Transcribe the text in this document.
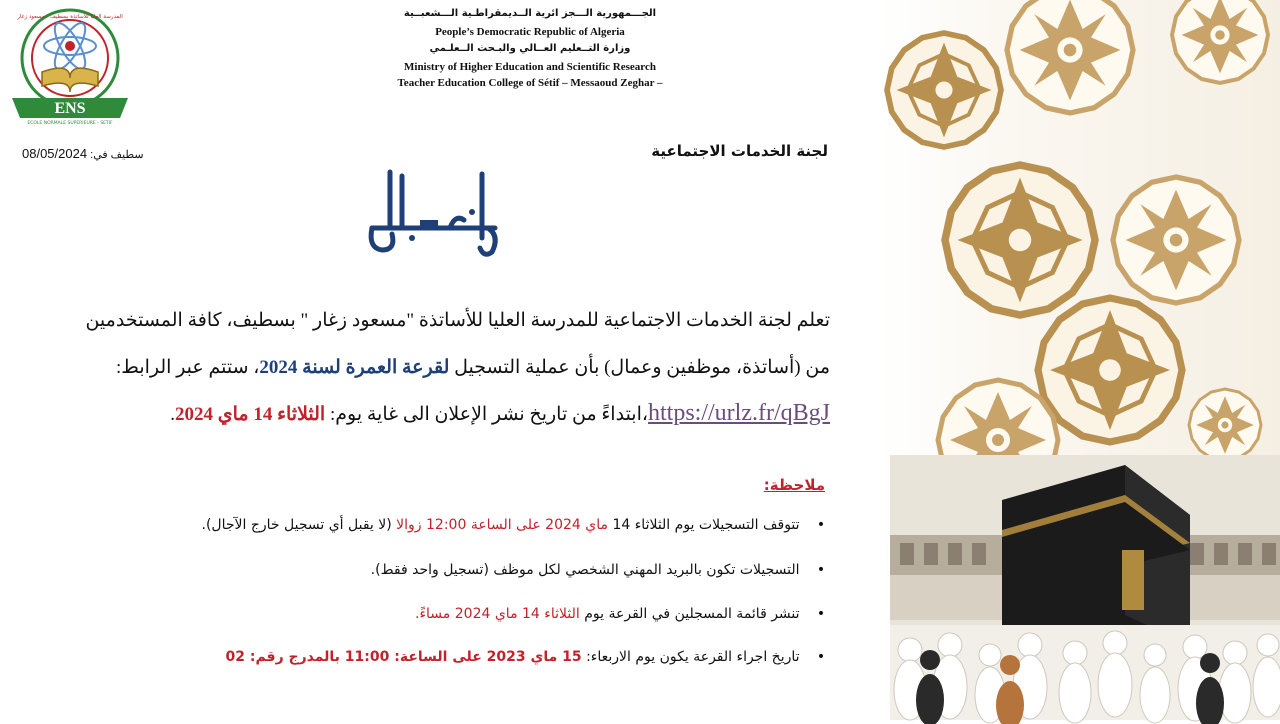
ENS
ECOLE NORMALE SUPERIEURE - SETIF
المدرسة العليا للأساتذة بسطيف - مسعود زغار	الجـــمهورية الـــجز ائرية الــديمقراطـية الـــشعبــية
People’s Democratic Republic of Algeria
وزارة التــعليم العــالي والبـحث الــعلـمي
Ministry of Higher Education and Scientific Research
Teacher Education College of Sétif – Messaoud Zeghar –
سطيف في: 08/05/2024	لجنة الخدمات الاجتماعية
إعلان
تعلم لجنة الخدمات الاجتماعية للمدرسة العليا للأساتذة "مسعود زغار " بسطيف، كافة المستخدمين
من (أساتذة، موظفين وعمال) بأن عملية التسجيل لقرعة العمرة لسنة 2024، ستتم عبر الرابط:
https://urlz.fr/qBgJ،ابتداءً من تاريخ نشر الإعلان الى غاية يوم: الثلاثاء 14 ماي 2024.
ملاحظة:
• تتوقف التسجيلات يوم الثلاثاء 14 ماي 2024 على الساعة 12:00 زوالا (لا يقبل أي تسجيل خارج الآجال).
• التسجيلات تكون بالبريد المهني الشخصي لكل موظف (تسجيل واحد فقط).
• تنشر قائمة المسجلين في القرعة يوم الثلاثاء 14 ماي 2024 مساءً.
• تاريخ اجراء القرعة يكون يوم الاربعاء: 15 ماي 2023 على الساعة: 11:00 بالمدرج رقم: 02
